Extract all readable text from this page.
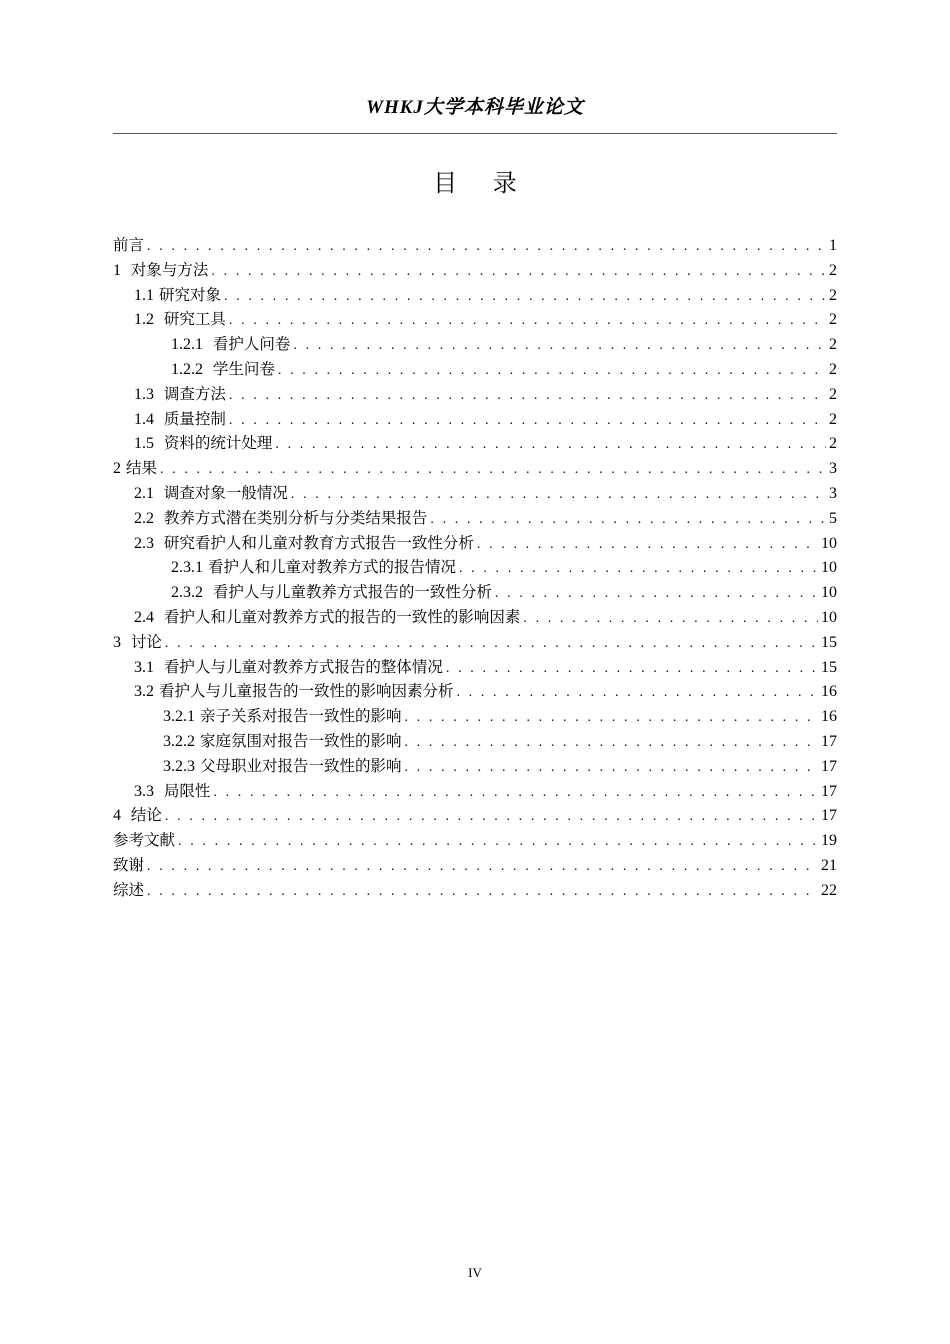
WHKJ大学本科毕业论文
目 录
前言 . . .	1
1 对象与方法 . . .	2
1.1 研究对象 . . .	2
1.2 研究工具 . . .	2
1.2.1 看护人问卷 . . .	2
1.2.2 学生问卷 . . .	2
1.3 调查方法 . . .	2
1.4 质量控制 . . .	2
1.5 资料的统计处理 . . .	2
2 结果 . . .	3
2.1 调查对象一般情况 . . .	3
2.2 教养方式潜在类别分析与分类结果报告 . . .	5
2.3 研究看护人和儿童对教育方式报告一致性分析 . . .	10
2.3.1 看护人和儿童对教养方式的报告情况 . . .	10
2.3.2 看护人与儿童教养方式报告的一致性分析 . . .	10
2.4 看护人和儿童对教养方式的报告的一致性的影响因素 . . .	10
3 讨论 . . .	15
3.1 看护人与儿童对教养方式报告的整体情况 . . .	15
3.2 看护人与儿童报告的一致性的影响因素分析 . . .	16
3.2.1 亲子关系对报告一致性的影响 . . .	16
3.2.2 家庭氛围对报告一致性的影响 . . .	17
3.2.3 父母职业对报告一致性的影响 . . .	17
3.3 局限性 . . .	17
4 结论 . . .	17
参考文献 . . .	19
致谢 . . .	21
综述 . . .	22
IV
